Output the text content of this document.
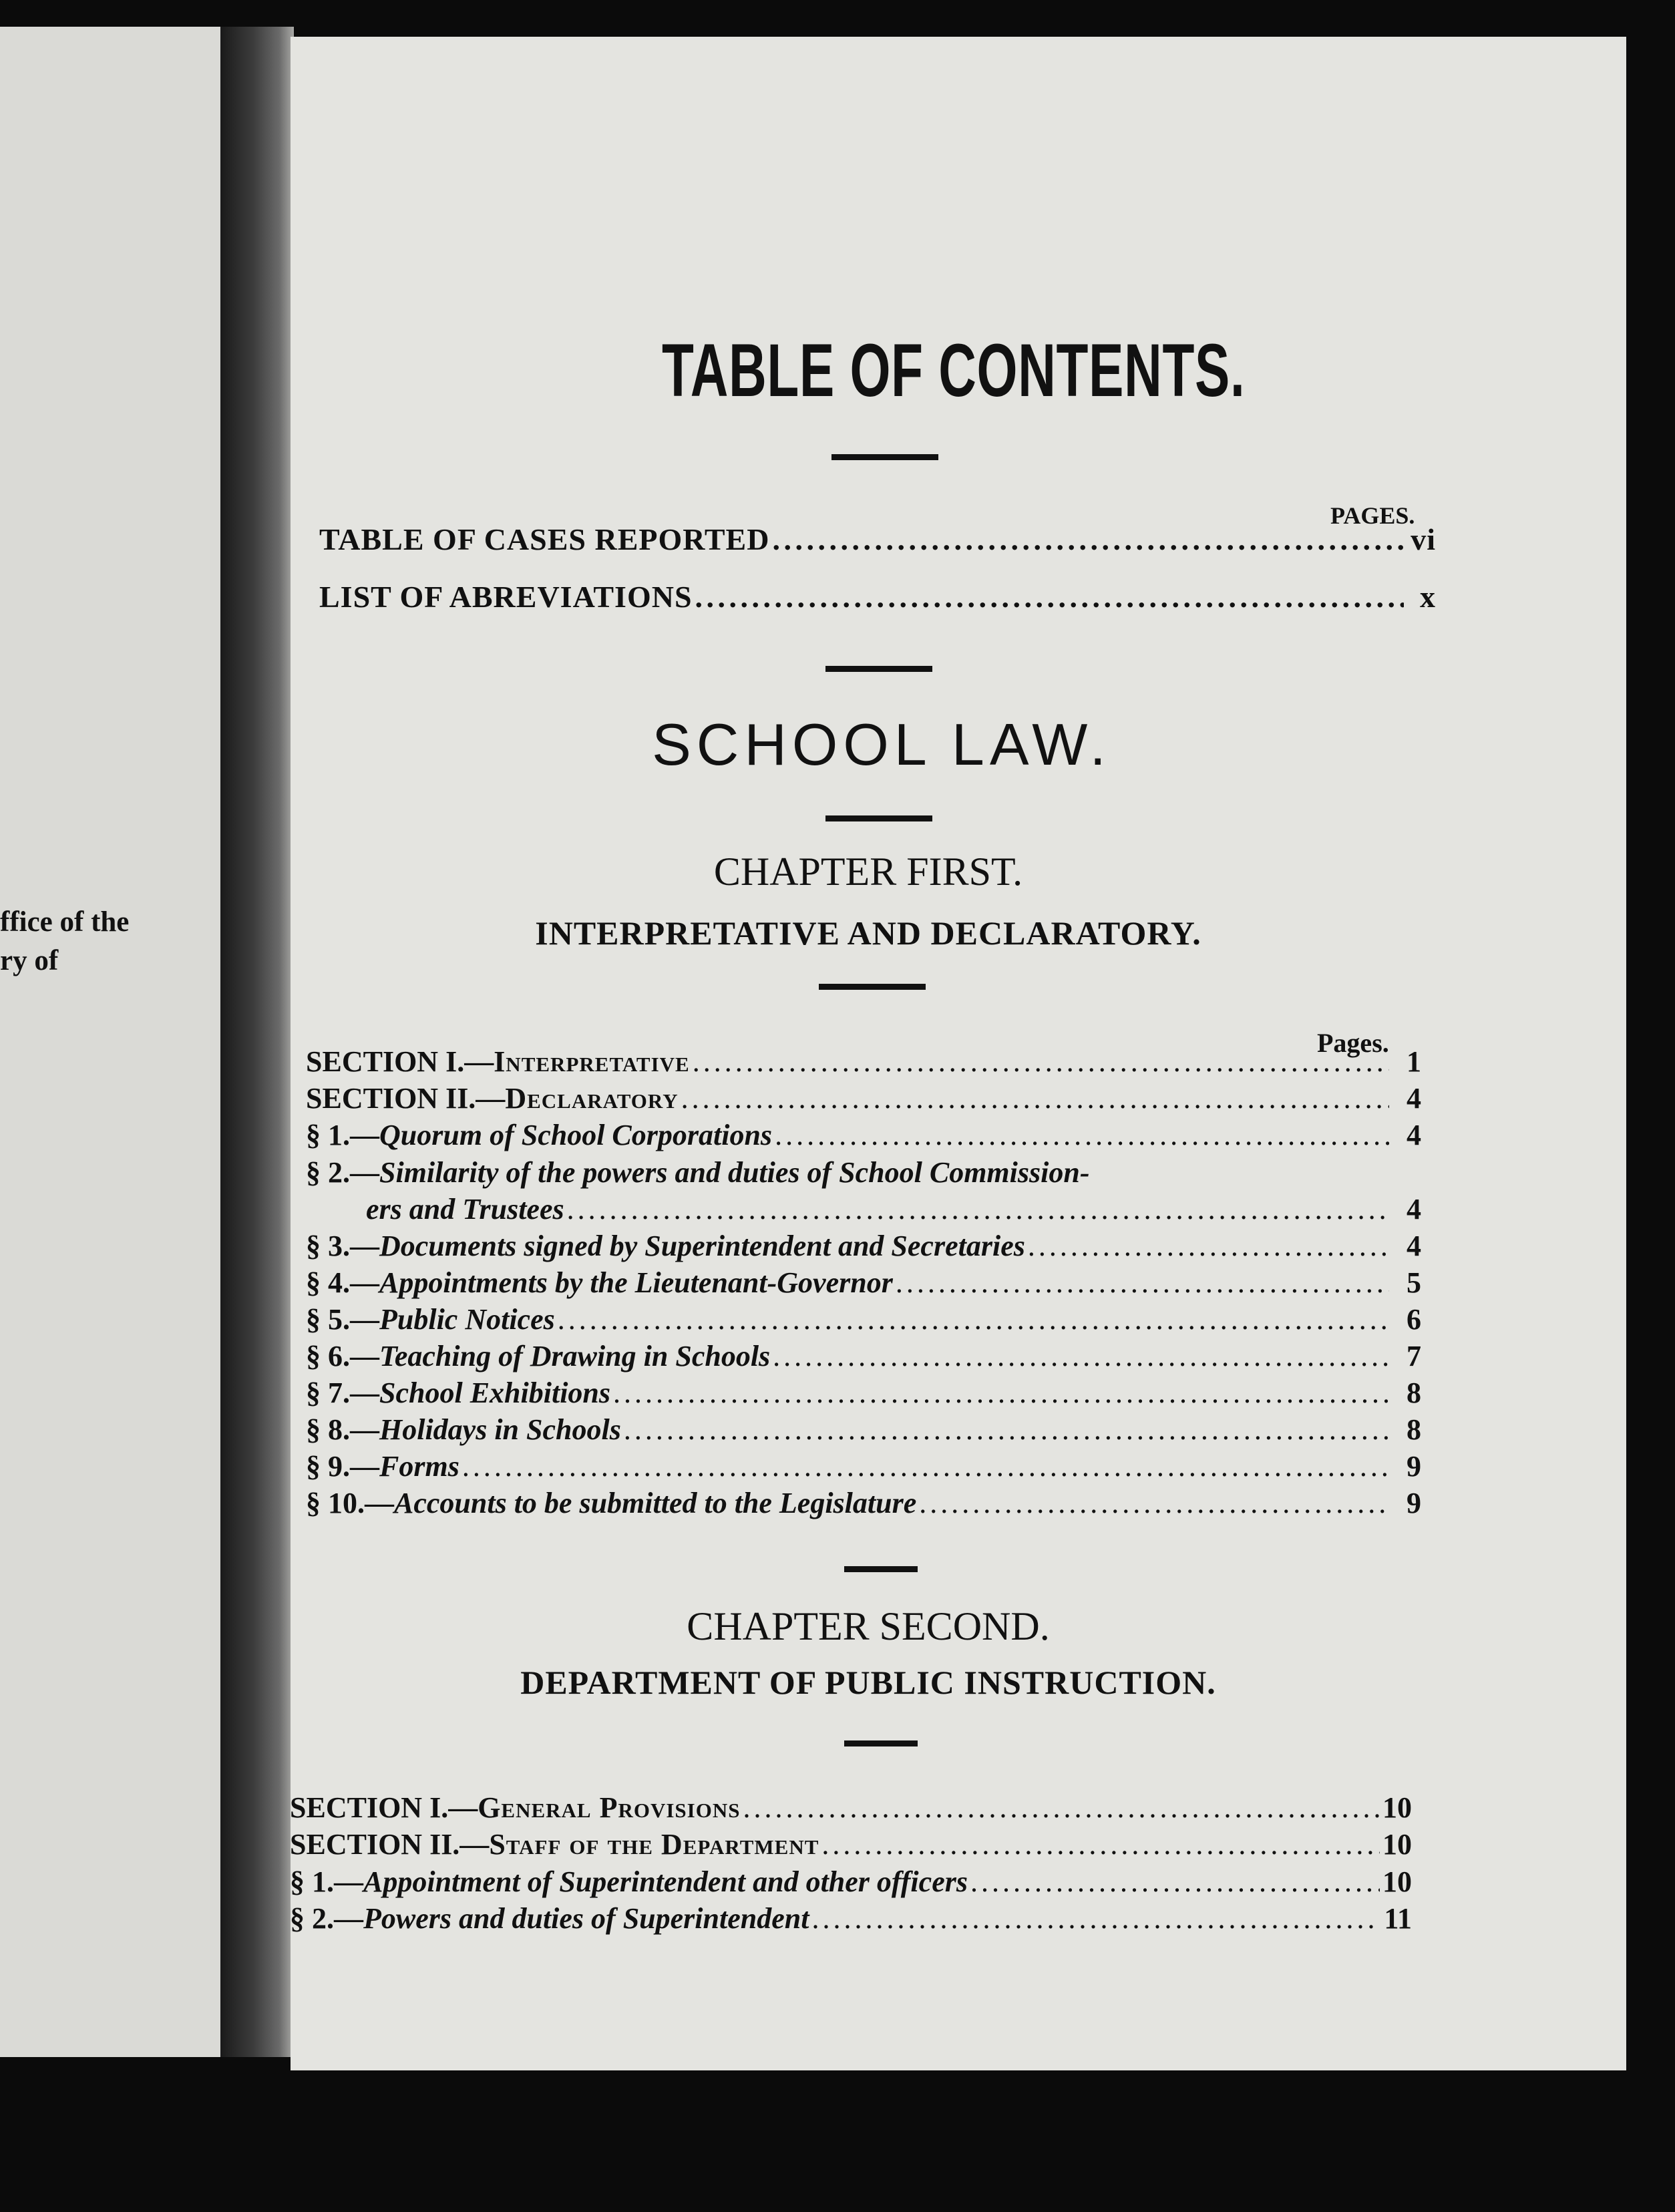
ffice of the
ry of
TABLE OF CONTENTS.
PAGES.
TABLE OF CASES REPORTED . . .	vi
LIST OF ABREVIATIONS . . .	x
SCHOOL LAW.
CHAPTER FIRST.
INTERPRETATIVE AND DECLARATORY.
Pages.
SECTION I.— Interpretative . . .	1
SECTION II.— Declaratory . . .	4
§ 1.— Quorum of School Corporations . . .	4
§ 2.— Similarity of the powers and duties of School Commission-
ers and Trustees . . .	4
§ 3.— Documents signed by Superintendent and Secretaries . . .	4
§ 4.— Appointments by the Lieutenant-Governor . . .	5
§ 5.— Public Notices . . .	6
§ 6.— Teaching of Drawing in Schools . . .	7
§ 7.— School Exhibitions . . .	8
§ 8.— Holidays in Schools . . .	8
§ 9.— Forms . . .	9
§ 10.— Accounts to be submitted to the Legislature . . .	9
CHAPTER SECOND.
DEPARTMENT OF PUBLIC INSTRUCTION.
SECTION I.— General Provisions . . .	10
SECTION II.— Staff of the Department . . .	10
§ 1.— Appointment of Superintendent and other officers . . .	10
§ 2.— Powers and duties of Superintendent . . .	11
